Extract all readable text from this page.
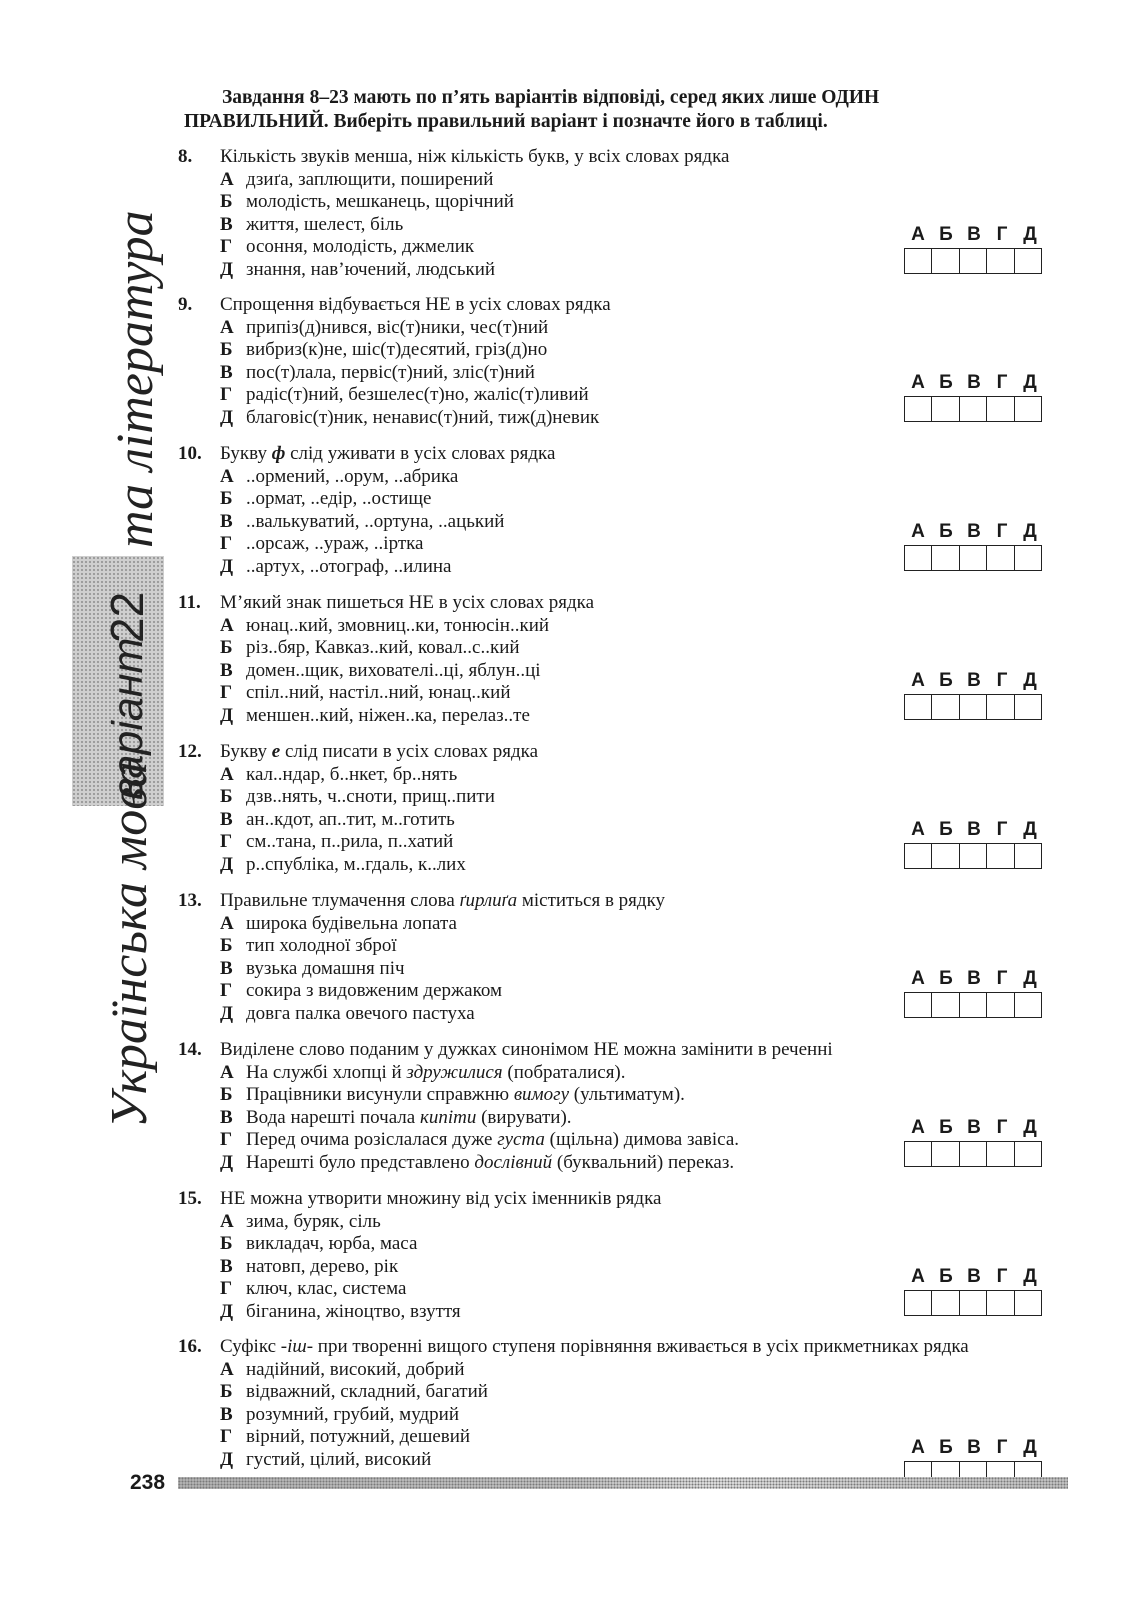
Завдання 8–23 мають по п’ять варіантів відповіді, серед яких лише ОДИН
ПРАВИЛЬНИЙ. Виберіть правильний варіант і позначте його в таблиці.
8.	Кількість звуків менша, ніж кількість букв, у всіх словах рядка
А дзиґа, заплющити, поширений
Б молодість, мешканець, щорічний
В життя, шелест, біль
Г осоння, молодість, джмелик
Д знання, нав’ючений, людський
9.	Спрощення відбувається НЕ в усіх словах рядка
А припіз(д)нився, віс(т)ники, чес(т)ний
Б вибриз(к)не, шіс(т)десятий, гріз(д)но
В пос(т)лала, первіс(т)ний, зліс(т)ний
Г радіс(т)ний, безшелес(т)но, жаліс(т)ливий
Д благовіс(т)ник, ненавис(т)ний, тиж(д)невик
10. Букву ф слід уживати в усіх словах рядка
А ..ормений, ..орум, ..абрика
Б ..ормат, ..едір, ..остище
В ..валькуватий, ..ортуна, ..ацький
Г ..орсаж, ..ураж, ..іртка
Д ..артух, ..отограф, ..илина
11.	М’який знак пишеться НЕ в усіх словах рядка
А юнац..кий, змовниц..ки, тонюсін..кий
Б різ..бяр, Кавказ..кий, ковал..с..кий
В домен..щик, вихователі..ці, яблун..ці
Г спіл..ний, настіл..ний, юнац..кий
Д меншен..кий, ніжен..ка, перелаз..те
12. Букву е слід писати в усіх словах рядка
А кал..ндар, б..нкет, бр..нять
Б дзв..нять, ч..сноти, прищ..пити
В ан..кдот, ап..тит, м..готить
Г см..тана, п..рила, п..хатий
Д р..спубліка, м..гдаль, к..лих
13. Правильне тлумачення слова ґирлиґа міститься в рядку
А широка будівельна лопата
Б тип холодної зброї
В вузька домашня піч
Г сокира з видовженим держаком
Д довга палка овечого пастуха
14. Виділене слово поданим у дужках синонімом НЕ можна замінити в реченні
А На службі хлопці й здружилися (побраталися).
Б Працівники висунули справжню вимогу (ультиматум).
В Вода нарешті почала кипіти (вирувати).
Г Перед очима розіслалася дуже густа (щільна) димова завіса.
Д Нарешті було представлено дослівний (буквальний) переказ.
15. НЕ можна утворити множину від усіх іменників рядка
А зима, буряк, сіль
Б викладач, юрба, маса
В натовп, дерево, рік
Г ключ, клас, система
Д біганина, жіноцтво, взуття
16. Суфікс -іш- при творенні вищого ступеня порівняння вживається в усіх прикметниках рядка
А надійний, високий, добрий
Б відважний, складний, багатий
В розумний, грубий, мудрий
Г вірний, потужний, дешевий
Д густий, цілий, високий
А Б В Г Д
А Б В Г Д
А Б В Г Д
А Б В Г Д
А Б В Г Д
А Б В Г Д
А Б В Г Д
А Б В Г Д
А Б В Г Д
та література
22
варіант
Українська мова
238
